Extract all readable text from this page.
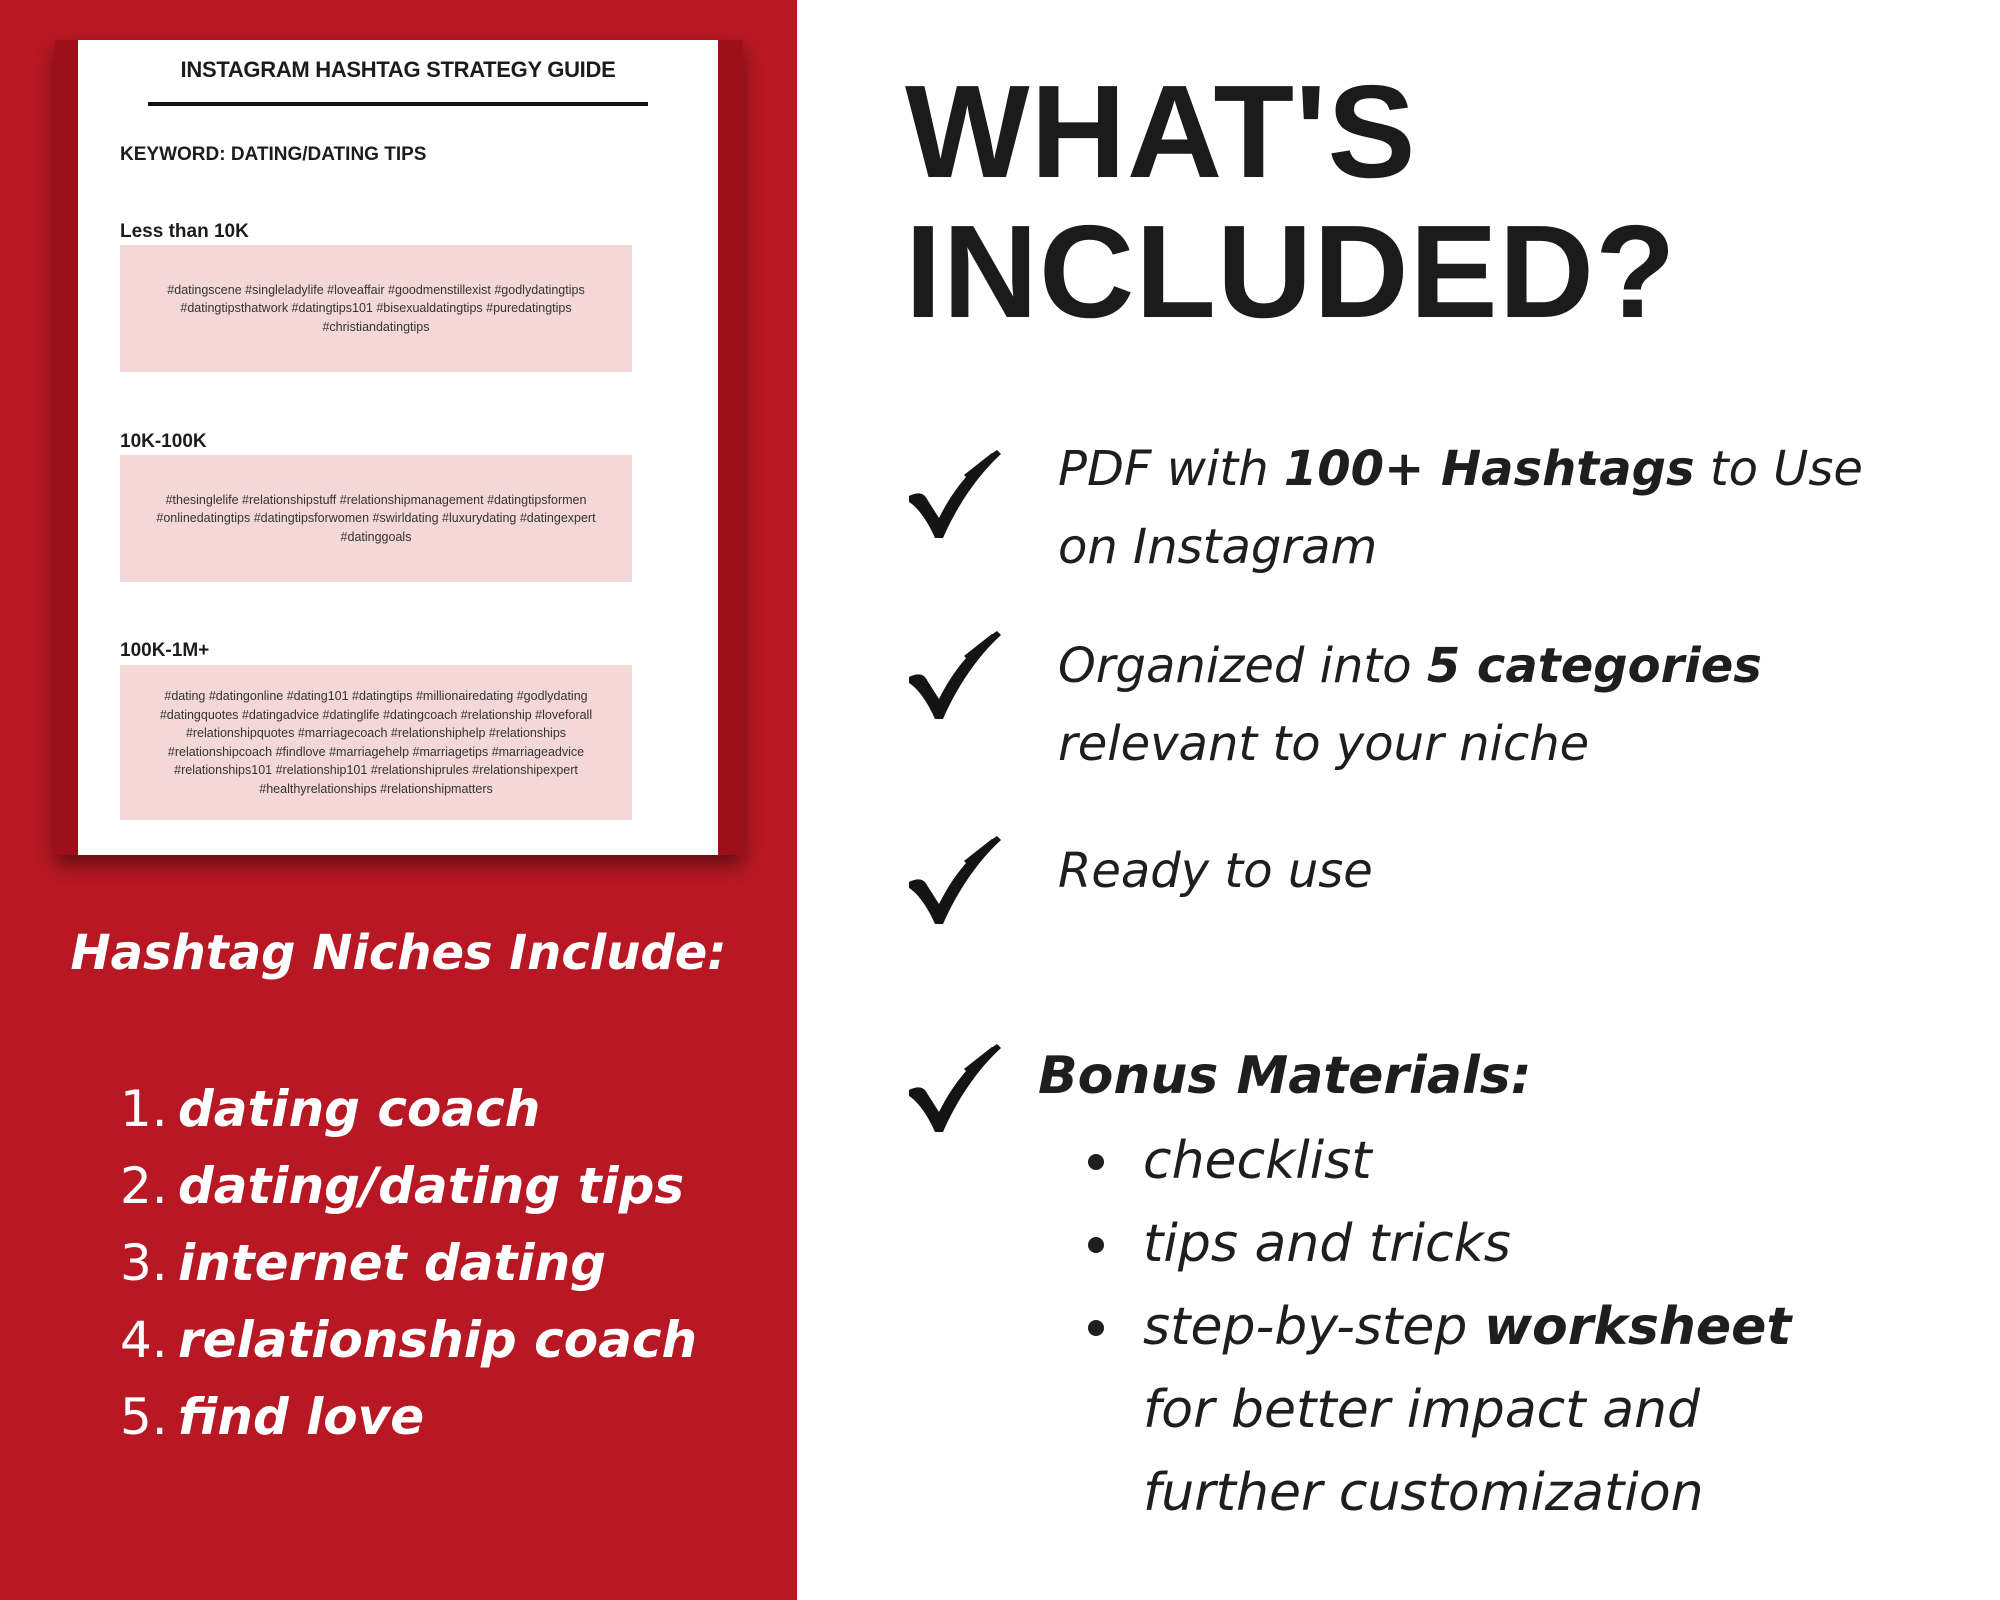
INSTAGRAM HASHTAG STRATEGY GUIDE
KEYWORD: DATING/DATING TIPS
Less than 10K
#datingscene #singleladylife #loveaffair #goodmenstillexist #godlydatingtips #datingtipsthatwork #datingtips101 #bisexualdatingtips #puredatingtips #christiandatingtips
10K-100K
#thesinglelife #relationshipstuff #relationshipmanagement #datingtipsformen #onlinedatingtips #datingtipsforwomen #swirldating #luxurydating #datingexpert #datinggoals
100K-1M+
#dating #datingonline #dating101 #datingtips #millionairedating #godlydating #datingquotes #datingadvice #datinglife #datingcoach #relationship #loveforall #relationshipquotes #marriagecoach #relationshiphelp #relationships #relationshipcoach #findlove #marriagehelp #marriagetips #marriageadvice #relationships101 #relationship101 #relationshiprules #relationshipexpert #healthyrelationships #relationshipmatters
Hashtag Niches Include:
1. dating coach
2. dating/dating tips
3. internet dating
4. relationship coach
5. find love
WHAT'S
INCLUDED?
PDF with 100+ Hashtags to Use
on Instagram
Organized into 5 categories
relevant to your niche
Ready to use
Bonus Materials:
checklist
tips and tricks
step-by-step worksheet
for better impact and
further customization
